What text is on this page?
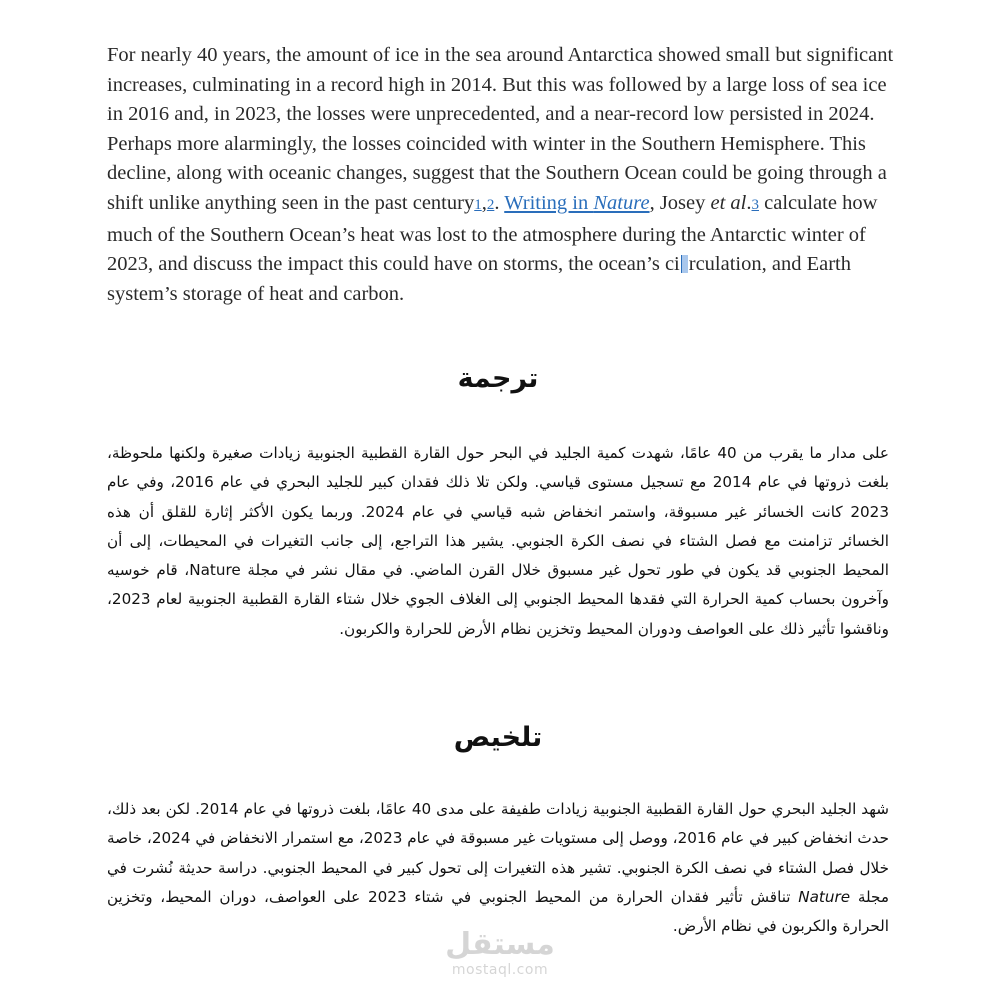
For nearly 40 years, the amount of ice in the sea around Antarctica showed small but significant increases, culminating in a record high in 2014. But this was followed by a large loss of sea ice in 2016 and, in 2023, the losses were unprecedented, and a near-record low persisted in 2024. Perhaps more alarmingly, the losses coincided with winter in the Southern Hemisphere. This decline, along with oceanic changes, suggest that the Southern Ocean could be going through a shift unlike anything seen in the past century1,2. Writing in Nature, Josey et al.3 calculate how much of the Southern Ocean’s heat was lost to the atmosphere during the Antarctic winter of 2023, and discuss the impact this could have on storms, the ocean’s ci rculation, and Earth system’s storage of heat and carbon.

ترجمة

على مدار ما يقرب من 40 عامًا، شهدت كمية الجليد في البحر حول القارة القطبية الجنوبية زيادات صغيرة ولكنها ملحوظة، بلغت ذروتها في عام 2014 مع تسجيل مستوى قياسي. ولكن تلا ذلك فقدان كبير للجليد البحري في عام 2016، وفي عام 2023 كانت الخسائر غير مسبوقة، واستمر انخفاض شبه قياسي في عام 2024. وربما يكون الأكثر إثارة للقلق أن هذه الخسائر تزامنت مع فصل الشتاء في نصف الكرة الجنوبي. يشير هذا التراجع، إلى جانب التغيرات في المحيطات، إلى أن المحيط الجنوبي قد يكون في طور تحول غير مسبوق خلال القرن الماضي. في مقال نشر في مجلة Nature، قام خوسيه وآخرون بحساب كمية الحرارة التي فقدها المحيط الجنوبي إلى الغلاف الجوي خلال شتاء القارة القطبية الجنوبية لعام 2023، وناقشوا تأثير ذلك على العواصف ودوران المحيط وتخزين نظام الأرض للحرارة والكربون.

تلخيص

شهد الجليد البحري حول القارة القطبية الجنوبية زيادات طفيفة على مدى 40 عامًا، بلغت ذروتها في عام 2014. لكن بعد ذلك، حدث انخفاض كبير في عام 2016، ووصل إلى مستويات غير مسبوقة في عام 2023، مع استمرار الانخفاض في 2024، خاصة خلال فصل الشتاء في نصف الكرة الجنوبي. تشير هذه التغيرات إلى تحول كبير في المحيط الجنوبي. دراسة حديثة نُشرت في مجلة Nature تناقش تأثير فقدان الحرارة من المحيط الجنوبي في شتاء 2023 على العواصف، دوران المحيط، وتخزين الحرارة والكربون في نظام الأرض.

مستقل
mostaql.com
